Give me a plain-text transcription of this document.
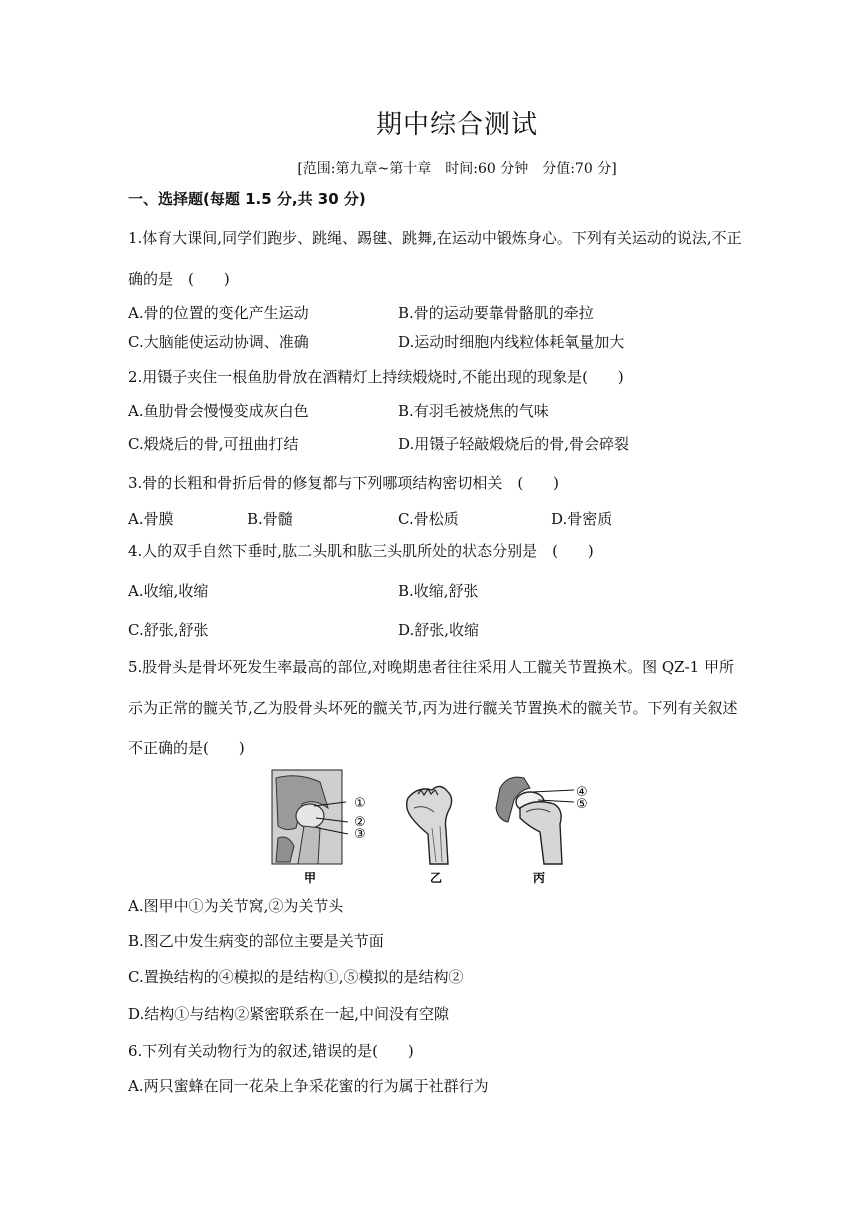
期中综合测试
[范围:第九章~第十章　时间:60 分钟　分值:70 分]
一、选择题(每题 1.5 分,共 30 分)
1.体育大课间,同学们跑步、跳绳、踢毽、跳舞,在运动中锻炼身心。下列有关运动的说法,不正
确的是　(　　)
A.骨的位置的变化产生运动	B.骨的运动要靠骨骼肌的牵拉
C.大脑能使运动协调、准确	D.运动时细胞内线粒体耗氧量加大
2.用镊子夹住一根鱼肋骨放在酒精灯上持续煅烧时,不能出现的现象是(　　)
A.鱼肋骨会慢慢变成灰白色	B.有羽毛被烧焦的气味
C.煅烧后的骨,可扭曲打结	D.用镊子轻敲煅烧后的骨,骨会碎裂
3.骨的长粗和骨折后骨的修复都与下列哪项结构密切相关　(　　)
A.骨膜	B.骨髓	C.骨松质	D.骨密质
4.人的双手自然下垂时,肱二头肌和肱三头肌所处的状态分别是　(　　)
A.收缩,收缩	B.收缩,舒张
C.舒张,舒张	D.舒张,收缩
5.股骨头是骨坏死发生率最高的部位,对晚期患者往往采用人工髋关节置换术。图 QZ-1 甲所
示为正常的髋关节,乙为股骨头坏死的髋关节,丙为进行髋关节置换术的髋关节。下列有关叙述
不正确的是(　　)
①
②
③
④
⑤
甲	乙	丙
A.图甲中①为关节窝,②为关节头
B.图乙中发生病变的部位主要是关节面
C.置换结构的④模拟的是结构①,⑤模拟的是结构②
D.结构①与结构②紧密联系在一起,中间没有空隙
6.下列有关动物行为的叙述,错误的是(　　)
A.两只蜜蜂在同一花朵上争采花蜜的行为属于社群行为
